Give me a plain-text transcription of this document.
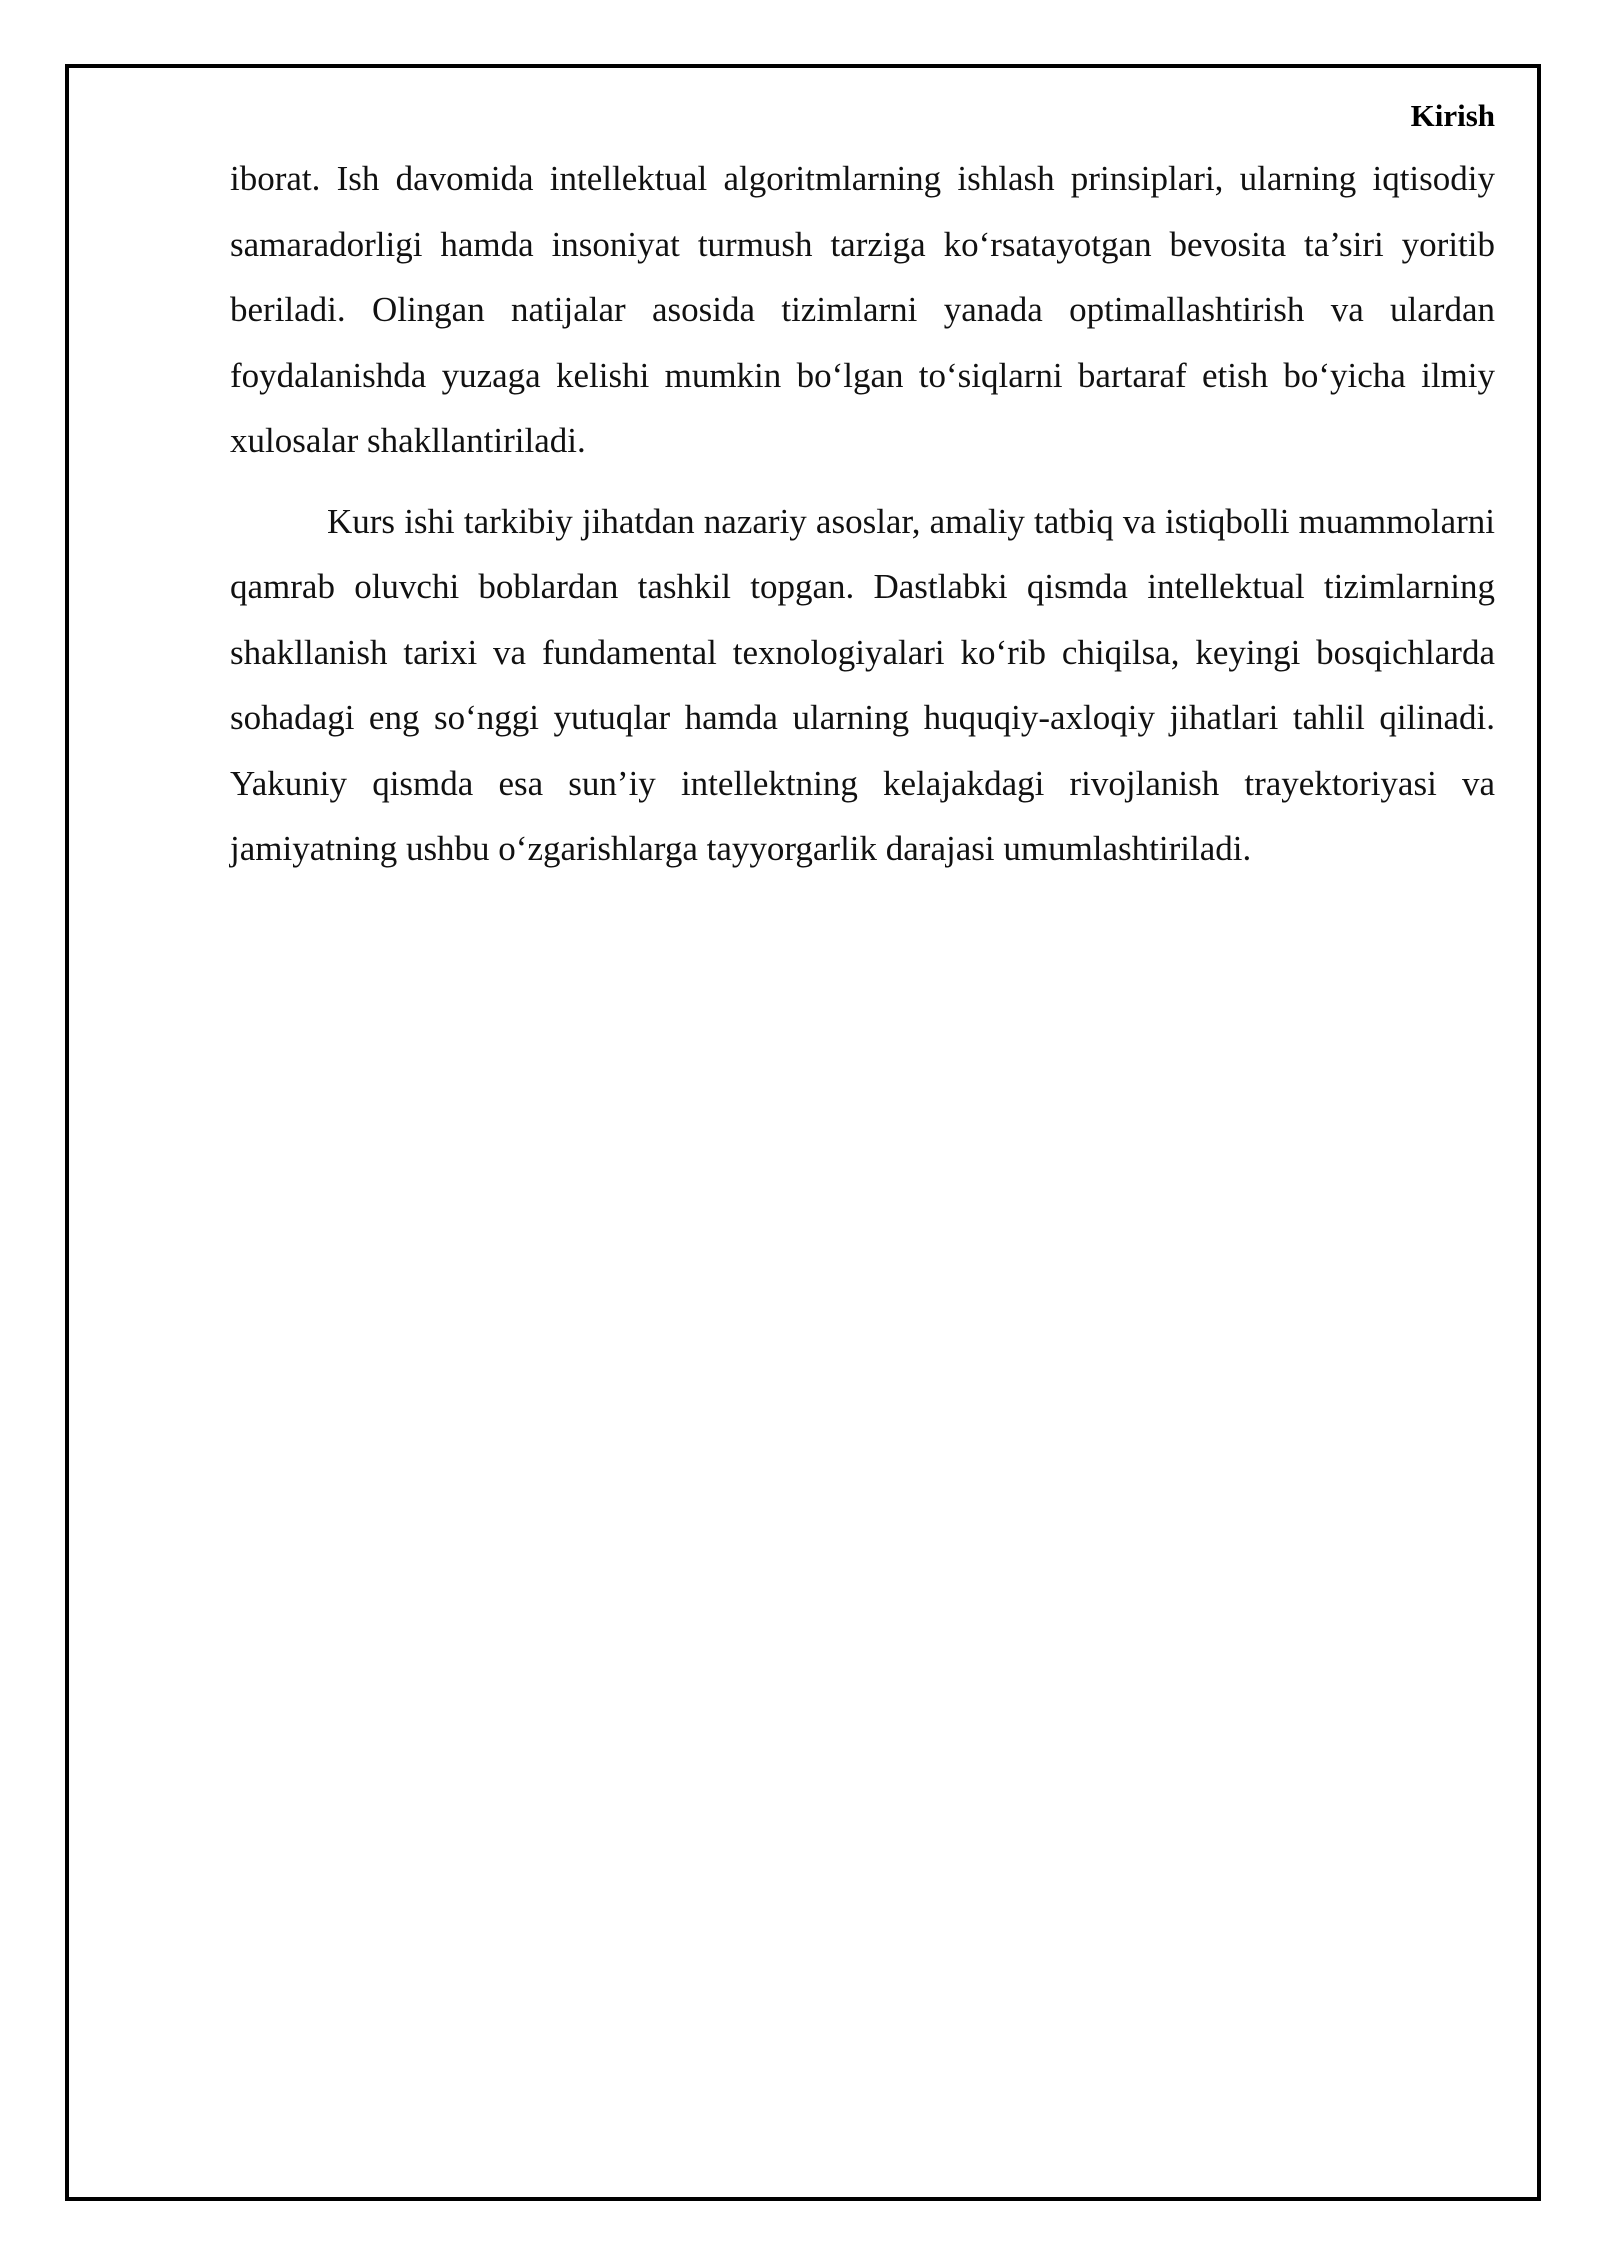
Kirish

iborat. Ish davomida intellektual algoritmlarning ishlash prinsiplari, ularning iqtisodiy samaradorligi hamda insoniyat turmush tarziga ko‘rsatayotgan bevosita ta’siri yoritib beriladi. Olingan natijalar asosida tizimlarni yanada optimallashtirish va ulardan foydalanishda yuzaga kelishi mumkin bo‘lgan to‘siqlarni bartaraf etish bo‘yicha ilmiy xulosalar shakllantiriladi.

Kurs ishi tarkibiy jihatdan nazariy asoslar, amaliy tatbiq va istiqbolli muammolarni qamrab oluvchi boblardan tashkil topgan. Dastlabki qismda intellektual tizimlarning shakllanish tarixi va fundamental texnologiyalari ko‘rib chiqilsa, keyingi bosqichlarda sohadagi eng so‘nggi yutuqlar hamda ularning huquqiy-axloqiy jihatlari tahlil qilinadi. Yakuniy qismda esa sun’iy intellektning kelajakdagi rivojlanish trayektoriyasi va jamiyatning ushbu o‘zgarishlarga tayyorgarlik darajasi umumlashtiriladi.
